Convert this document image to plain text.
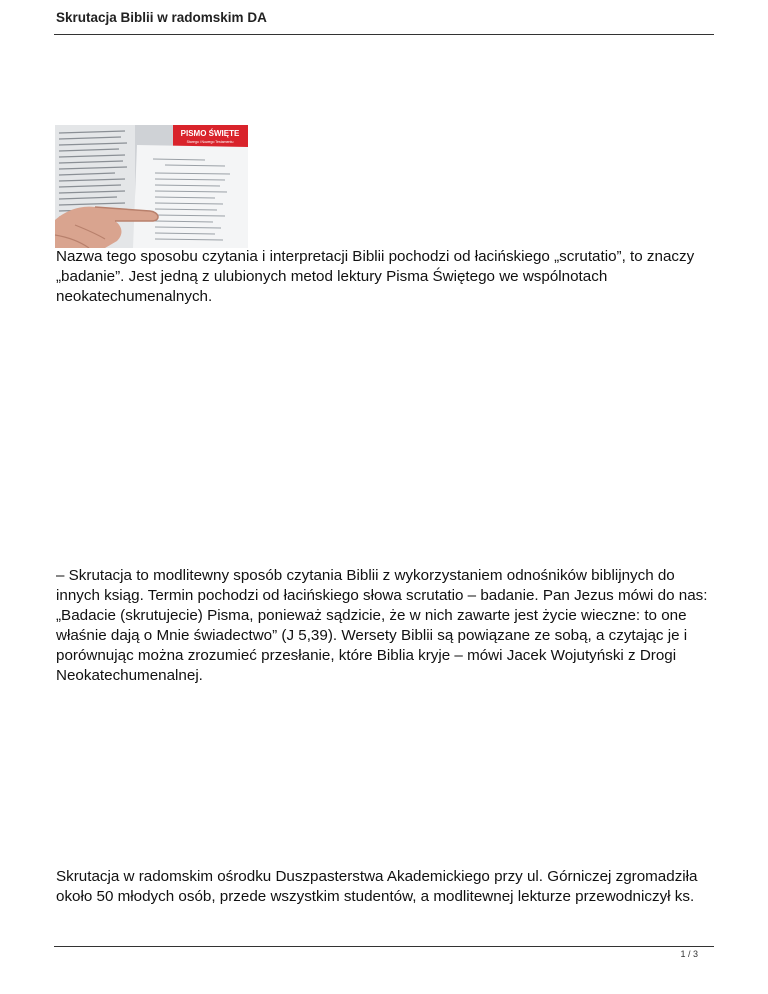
Skrutacja Biblii w radomskim DA
PISMO ŚWIĘTE
Starego i Nowego Testamentu

Nazwa tego sposobu czytania i interpretacji Biblii pochodzi od łacińskiego „scrutatio”, to znaczy „badanie”. Jest jedną z ulubionych metod lektury Pisma Świętego we wspólnotach neokatechumenalnych.

– Skrutacja to modlitewny sposób czytania Biblii z wykorzystaniem odnośników biblijnych do innych ksiąg. Termin pochodzi od łacińskiego słowa scrutatio – badanie. Pan Jezus mówi do nas: „Badacie (skrutujecie) Pisma, ponieważ sądzicie, że w nich zawarte jest życie wieczne: to one właśnie dają o Mnie świadectwo” (J 5,39). Wersety Biblii są powiązane ze sobą, a czytając je i porównując można zrozumieć przesłanie, które Biblia kryje – mówi Jacek Wojutyński z Drogi Neokatechumenalnej.

Skrutacja w radomskim ośrodku Duszpasterstwa Akademickiego przy ul. Górniczej zgromadziła około 50 młodych osób, przede wszystkim studentów, a modlitewnej lekturze przewodniczył ks.

1 / 3
